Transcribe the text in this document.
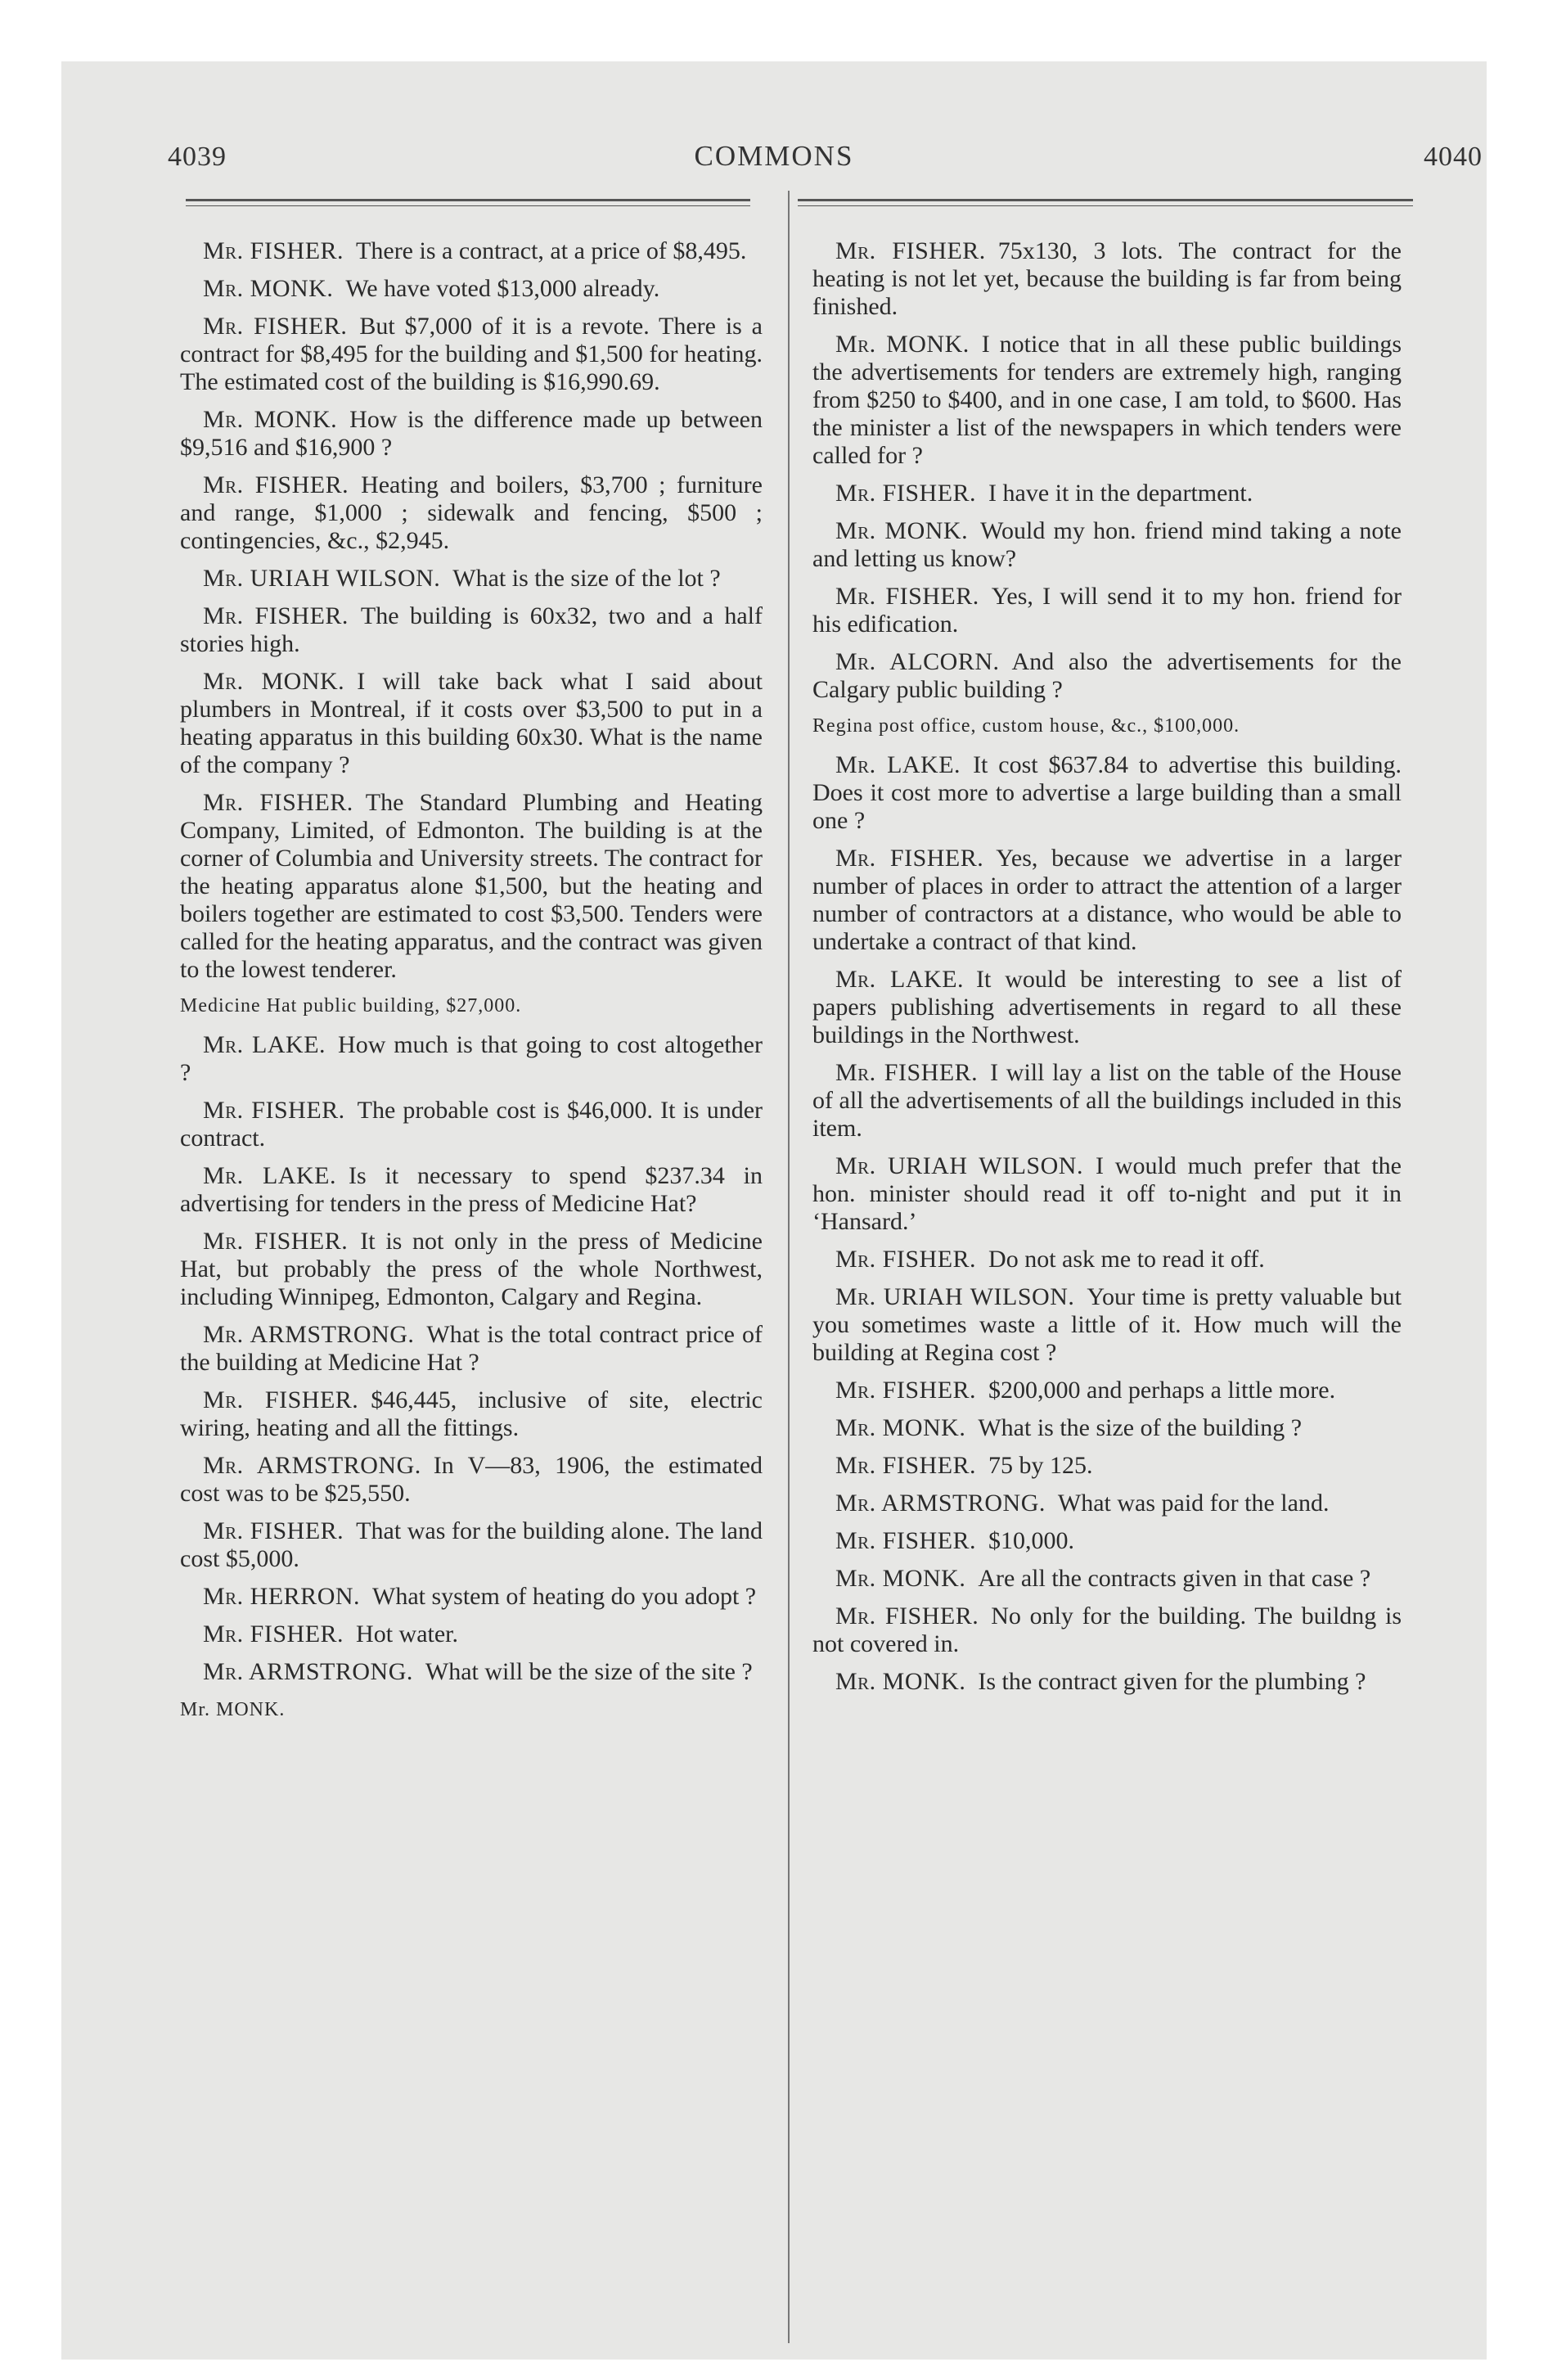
4039	COMMONS	4040

Mr. FISHER.  There is a contract, at a price of $8,495.

Mr. MONK.  We have voted $13,000 already.

Mr. FISHER.  But $7,000 of it is a revote. There is a contract for $8,495 for the building and $1,500 for heating. The estimated cost of the building is $16,990.69.

Mr. MONK.  How is the difference made up between $9,516 and $16,900 ?

Mr. FISHER.  Heating and boilers, $3,700 ; furniture and range, $1,000 ; sidewalk and fencing, $500 ; contingencies, &c., $2,945.

Mr. URIAH WILSON.  What is the size of the lot ?

Mr. FISHER.  The building is 60x32, two and a half stories high.

Mr. MONK.  I will take back what I said about plumbers in Montreal, if it costs over $3,500 to put in a heating apparatus in this building 60x30. What is the name of the company ?

Mr. FISHER.  The Standard Plumbing and Heating Company, Limited, of Edmonton. The building is at the corner of Columbia and University streets. The contract for the heating apparatus alone $1,500, but the heating and boilers together are estimated to cost $3,500. Tenders were called for the heating apparatus, and the contract was given to the lowest tenderer.

Medicine Hat public building, $27,000.

Mr. LAKE.  How much is that going to cost altogether ?

Mr. FISHER.  The probable cost is $46,000. It is under contract.

Mr. LAKE.  Is it necessary to spend $237.34 in advertising for tenders in the press of Medicine Hat?

Mr. FISHER.  It is not only in the press of Medicine Hat, but probably the press of the whole Northwest, including Winnipeg, Edmonton, Calgary and Regina.

Mr. ARMSTRONG.  What is the total contract price of the building at Medicine Hat ?

Mr. FISHER.  $46,445, inclusive of site, electric wiring, heating and all the fittings.

Mr. ARMSTRONG.  In V—83, 1906, the estimated cost was to be $25,550.

Mr. FISHER.  That was for the building alone. The land cost $5,000.

Mr. HERRON.  What system of heating do you adopt ?

Mr. FISHER.  Hot water.

Mr. ARMSTRONG.  What will be the size of the site ?

Mr. MONK.

Mr. FISHER.  75x130, 3 lots. The contract for the heating is not let yet, because the building is far from being finished.

Mr. MONK.  I notice that in all these public buildings the advertisements for tenders are extremely high, ranging from $250 to $400, and in one case, I am told, to $600. Has the minister a list of the newspapers in which tenders were called for ?

Mr. FISHER.  I have it in the department.

Mr. MONK.  Would my hon. friend mind taking a note and letting us know?

Mr. FISHER.  Yes, I will send it to my hon. friend for his edification.

Mr. ALCORN.  And also the advertisements for the Calgary public building ?

Regina post office, custom house, &c., $100,000.

Mr. LAKE.  It cost $637.84 to advertise this building. Does it cost more to advertise a large building than a small one ?

Mr. FISHER.  Yes, because we advertise in a larger number of places in order to attract the attention of a larger number of contractors at a distance, who would be able to undertake a contract of that kind.

Mr. LAKE.  It would be interesting to see a list of papers publishing advertisements in regard to all these buildings in the Northwest.

Mr. FISHER.  I will lay a list on the table of the House of all the advertisements of all the buildings included in this item.

Mr. URIAH WILSON.  I would much prefer that the hon. minister should read it off to-night and put it in ‘Hansard.’

Mr. FISHER.  Do not ask me to read it off.

Mr. URIAH WILSON.  Your time is pretty valuable but you sometimes waste a little of it. How much will the building at Regina cost ?

Mr. FISHER.  $200,000 and perhaps a little more.

Mr. MONK.  What is the size of the building ?

Mr. FISHER.  75 by 125.

Mr. ARMSTRONG.  What was paid for the land.

Mr. FISHER.  $10,000.

Mr. MONK.  Are all the contracts given in that case ?

Mr. FISHER.  No only for the building. The buildng is not covered in.

Mr. MONK.  Is the contract given for the plumbing ?
